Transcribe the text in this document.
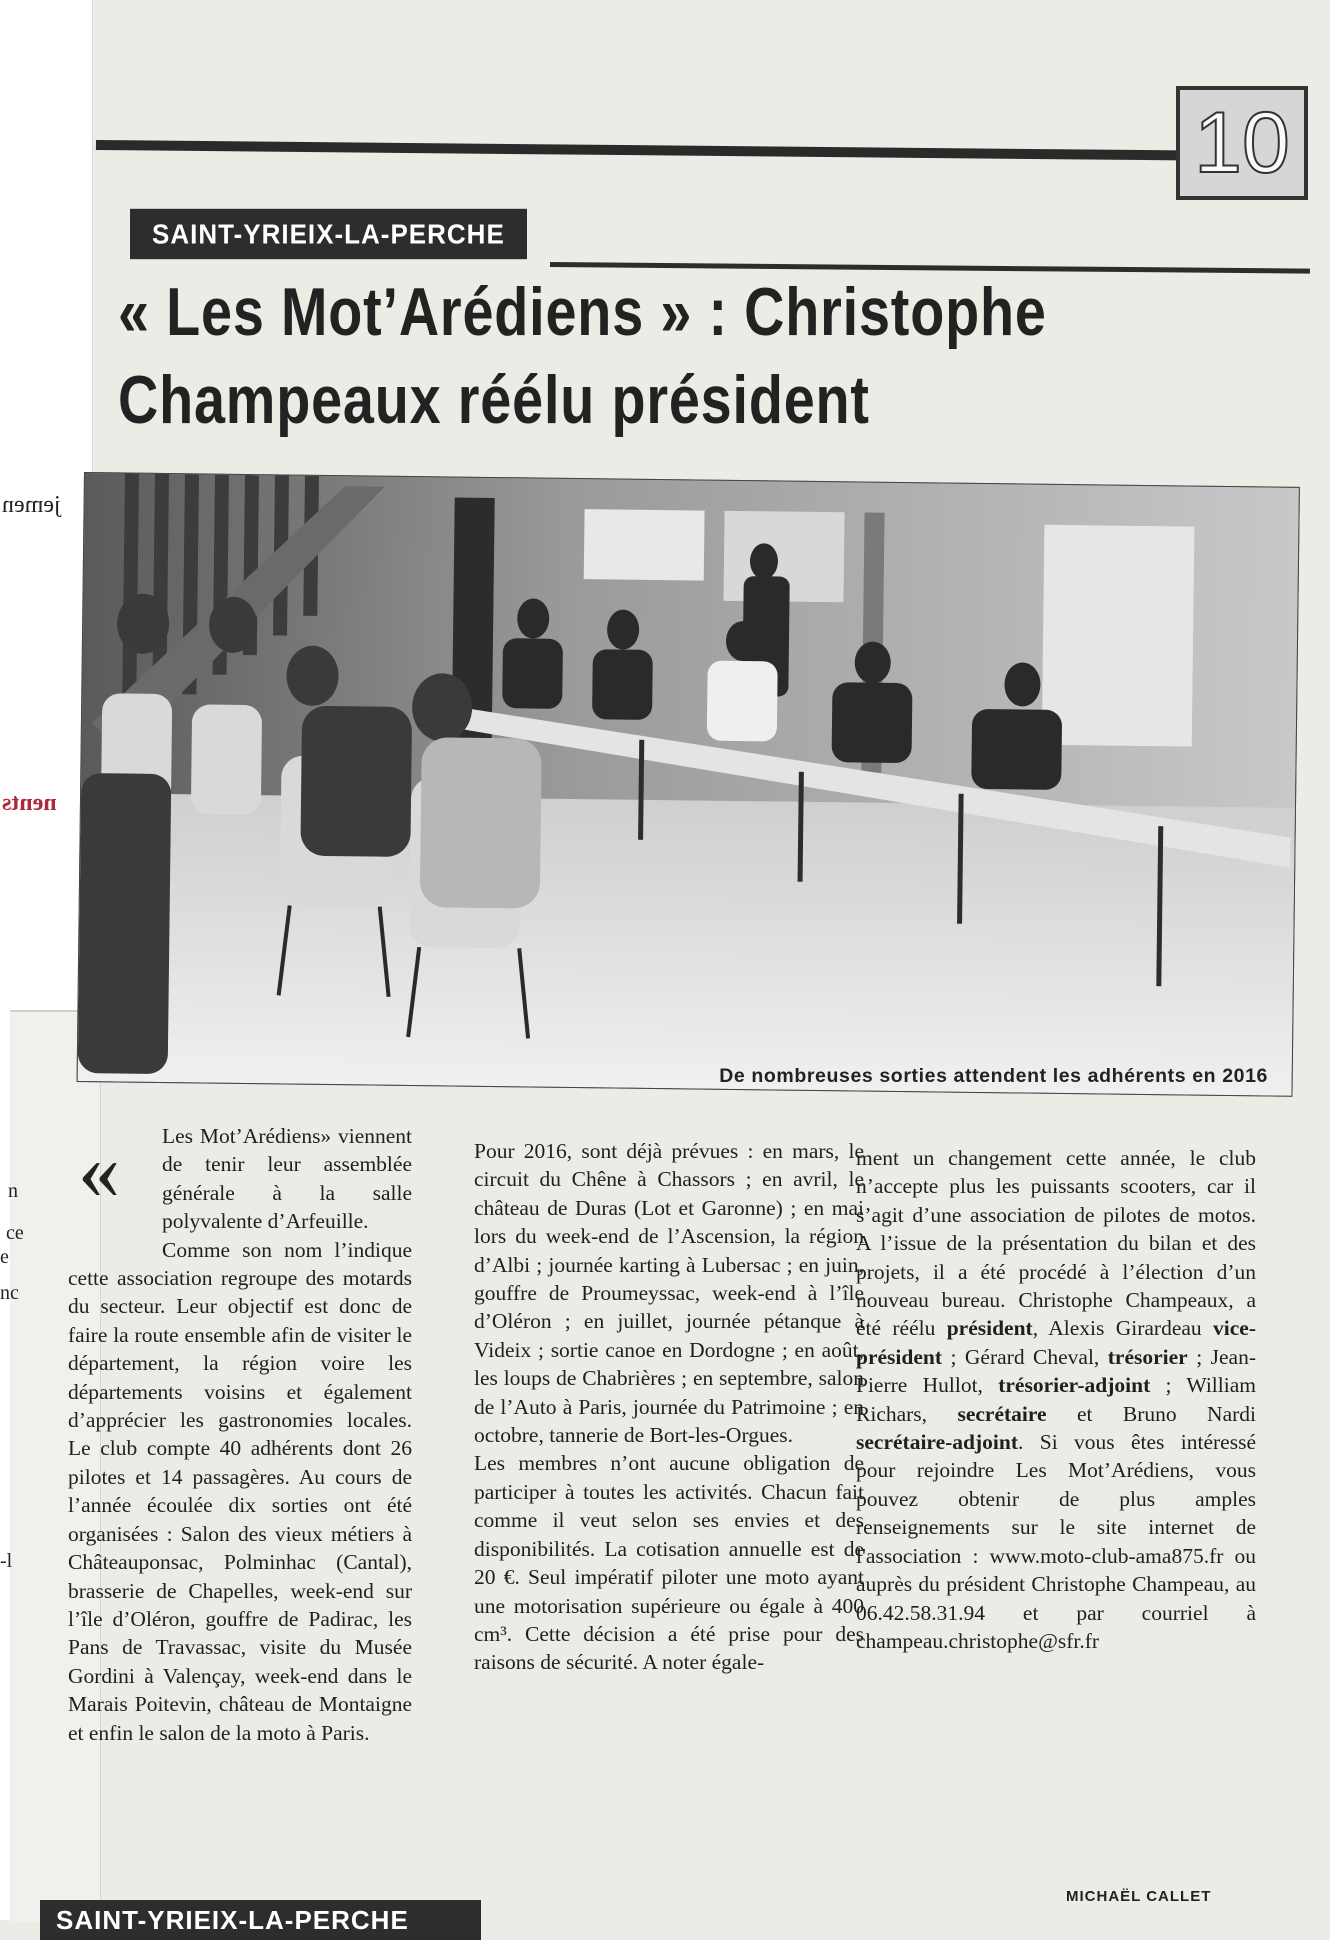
jemen
nents
n
ce
e
nc
-l
10
SAINT-YRIEIX-LA-PERCHE
« Les Mot’Arédiens » : Christophe
Champeaux réélu président
De nombreuses sorties attendent les adhérents en 2016
«	Les Mot’Arédiens» viennent de tenir leur assemblée générale à la salle polyvalente d’Arfeuille.

Comme son nom l’indique cette association regroupe des motards du secteur. Leur objectif est donc de faire la route ensemble afin de visiter le département, la région voire les départements voisins et également d’apprécier les gastronomies locales. Le club compte 40 adhérents dont 26 pilotes et 14 passagères. Au cours de l’année écoulée dix sorties ont été organisées : Salon des vieux métiers à Châteauponsac, Polminhac (Cantal), brasserie de Chapelles, week-end sur l’île d’Oléron, gouffre de Padirac, les Pans de Travassac, visite du Musée Gordini à Valençay, week-end dans le Marais Poitevin, château de Montaigne et enfin le salon de la moto à Paris.

Pour 2016, sont déjà prévues : en mars, le circuit du Chêne à Chassors ; en avril, le château de Duras (Lot et Garonne) ; en mai lors du week-end de l’Ascension, la région d’Albi ; journée karting à Lubersac ; en juin, gouffre de Proumeyssac, week-end à l’île d’Oléron ; en juillet, journée pétanque à Videix ; sortie canoe en Dordogne ; en août, les loups de Chabrières ; en septembre, salon de l’Auto à Paris, journée du Patrimoine ; en octobre, tannerie de Bort-les-Orgues.

Les membres n’ont aucune obligation de participer à toutes les activités. Chacun fait comme il veut selon ses envies et des disponibilités. La cotisation annuelle est de 20 €. Seul impératif piloter une moto ayant une motorisation supérieure ou égale à 400 cm³. Cette décision a été prise pour des raisons de sécurité. A noter égale-

ment un changement cette année, le club n’accepte plus les puissants scooters, car il s’agit d’une association de pilotes de motos. A l’issue de la présentation du bilan et des projets, il a été procédé à l’élection d’un nouveau bureau. Christophe Champeaux, a été réélu président, Alexis Girardeau vice-président ; Gérard Cheval, trésorier ; Jean-Pierre Hullot, trésorier-adjoint ; William Richars, secrétaire et Bruno Nardi secrétaire-adjoint. Si vous êtes intéressé pour rejoindre Les Mot’Arédiens, vous pouvez obtenir de plus amples renseignements sur le site internet de l'association : www.moto-club-ama875.fr ou auprès du président Christophe Champeau, au 06.42.58.31.94 et par courriel à champeau.christophe@sfr.fr

MICHAËL CALLET
SAINT-YRIEIX-LA-PERCHE
